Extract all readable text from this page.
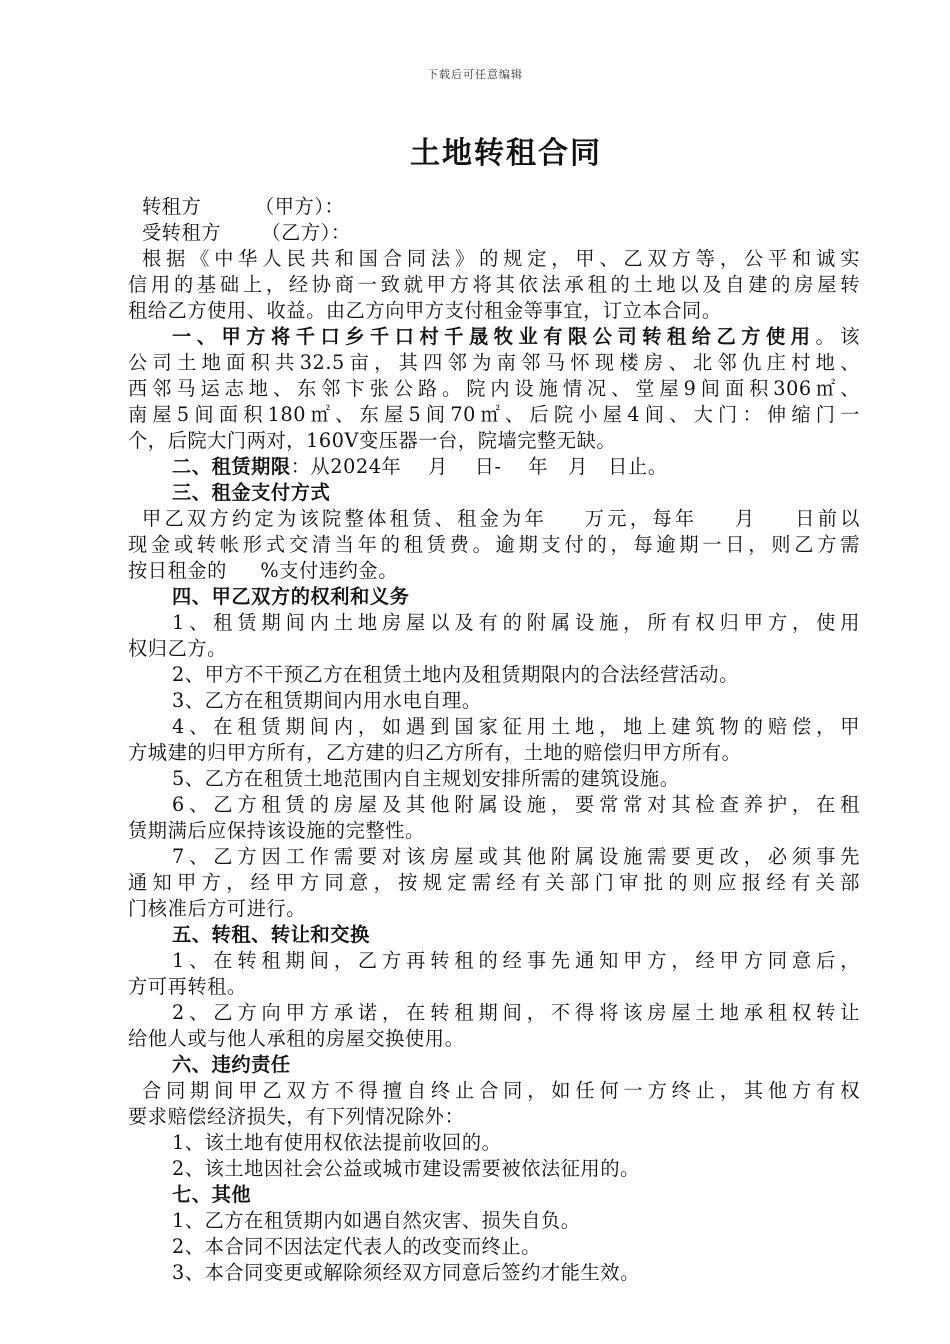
下载后可任意编辑
土地转租合同
转租方        （甲方）：
受转租方      （乙方）：
根据《中华人民共和国合同法》的规定，甲、乙双方等，公平和诚实
信用的基础上，经协商一致就甲方将其依法承租的土地以及自建的房屋转
租给乙方使用、收益。由乙方向甲方支付租金等事宜，订立本合同。
一、甲方将千口乡千口村千晟牧业有限公司转租给乙方使用。该
公司土地面积共32.5亩，其四邻为南邻马怀现楼房、北邻仇庄村地、
西邻马运志地、东邻卞张公路。院内设施情况、堂屋9间面积306㎡、
南屋5间面积180㎡、东屋5间70㎡、后院小屋4间、大门：伸缩门一
个，后院大门两对，160V变压器一台，院墙完整无缺。
二、租赁期限：从2024年    月    日-    年   月   日止。
三、租金支付方式
甲乙双方约定为该院整体租赁、租金为年    万元，每年    月    日前以
现金或转帐形式交清当年的租赁费。逾期支付的，每逾期一日，则乙方需
按日租金的     %支付违约金。
四、甲乙双方的权利和义务
1、租赁期间内土地房屋以及有的附属设施，所有权归甲方，使用
权归乙方。
2、甲方不干预乙方在租赁土地内及租赁期限内的合法经营活动。
3、乙方在租赁期间内用水电自理。
4、在租赁期间内，如遇到国家征用土地，地上建筑物的赔偿，甲
方城建的归甲方所有，乙方建的归乙方所有，土地的赔偿归甲方所有。
5、乙方在租赁土地范围内自主规划安排所需的建筑设施。
6、乙方租赁的房屋及其他附属设施，要常常对其检查养护，在租
赁期满后应保持该设施的完整性。
7、乙方因工作需要对该房屋或其他附属设施需要更改，必须事先
通知甲方，经甲方同意，按规定需经有关部门审批的则应报经有关部
门核准后方可进行。
五、转租、转让和交换
1、在转租期间，乙方再转租的经事先通知甲方，经甲方同意后，
方可再转租。
2、乙方向甲方承诺，在转租期间，不得将该房屋土地承租权转让
给他人或与他人承租的房屋交换使用。
六、违约责任
合同期间甲乙双方不得擅自终止合同，如任何一方终止，其他方有权
要求赔偿经济损失，有下列情况除外：
1、该土地有使用权依法提前收回的。
2、该土地因社会公益或城市建设需要被依法征用的。
七、其他
1、乙方在租赁期内如遇自然灾害、损失自负。
2、本合同不因法定代表人的改变而终止。
3、本合同变更或解除须经双方同意后签约才能生效。
